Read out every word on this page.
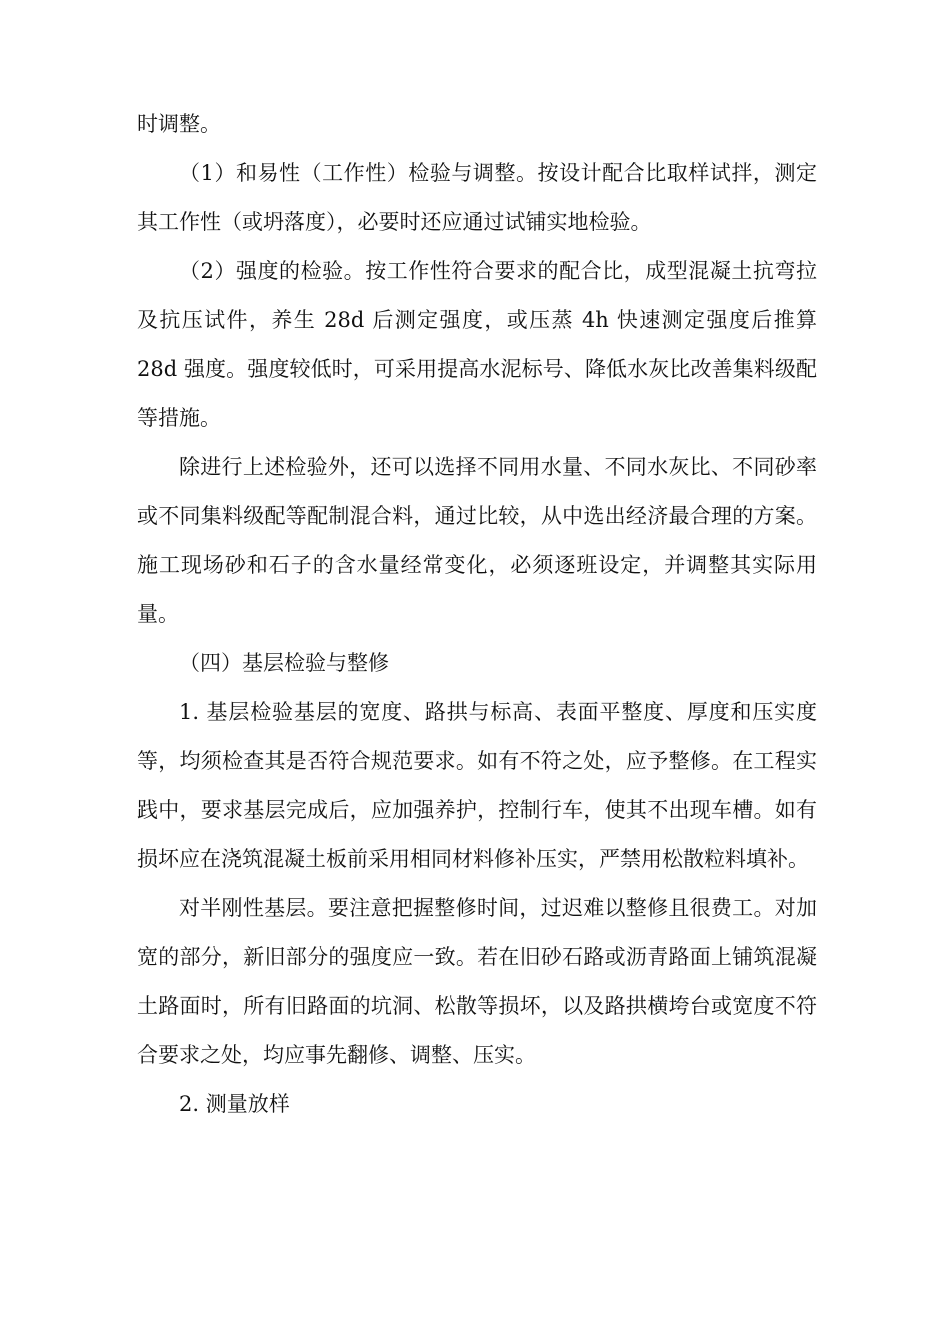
时调整。

（1）和易性（工作性）检验与调整。按设计配合比取样试拌，测定其工作性（或坍落度），必要时还应通过试铺实地检验。

（2）强度的检验。按工作性符合要求的配合比，成型混凝土抗弯拉及抗压试件，养生 28d 后测定强度，或压蒸 4h 快速测定强度后推算 28d 强度。强度较低时，可采用提高水泥标号、降低水灰比改善集料级配等措施。

除进行上述检验外，还可以选择不同用水量、不同水灰比、不同砂率或不同集料级配等配制混合料，通过比较，从中选出经济最合理的方案。施工现场砂和石子的含水量经常变化，必须逐班设定，并调整其实际用量。

（四）基层检验与整修

1. 基层检验基层的宽度、路拱与标高、表面平整度、厚度和压实度等，均须检查其是否符合规范要求。如有不符之处，应予整修。在工程实践中，要求基层完成后，应加强养护，控制行车，使其不出现车槽。如有损坏应在浇筑混凝土板前采用相同材料修补压实，严禁用松散粒料填补。

对半刚性基层。要注意把握整修时间，过迟难以整修且很费工。对加宽的部分，新旧部分的强度应一致。若在旧砂石路或沥青路面上铺筑混凝土路面时，所有旧路面的坑洞、松散等损坏，以及路拱横垮台或宽度不符合要求之处，均应事先翻修、调整、压实。

2. 测量放样
